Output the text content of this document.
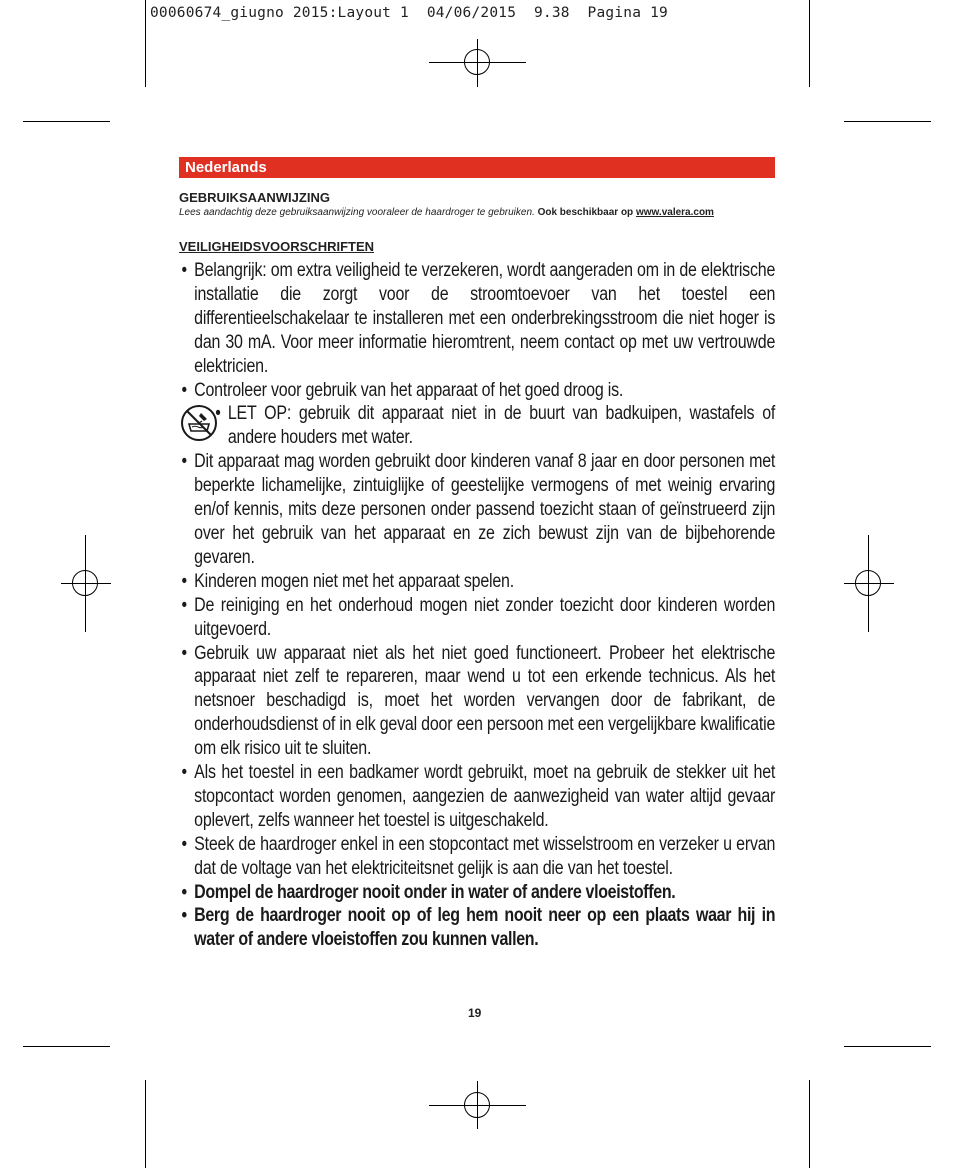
00060674_giugno 2015:Layout 1  04/06/2015  9.38  Pagina 19
Nederlands
GEBRUIKSAANWIJZING
Lees aandachtig deze gebruiksaanwijzing vooraleer de haardroger te gebruiken. Ook beschikbaar op www.valera.com
VEILIGHEIDSVOORSCHRIFTEN
• Belangrijk: om extra veiligheid te verzekeren, wordt aangeraden om in de elektrische installatie die zorgt voor de stroomtoevoer van het toestel een differentieelschakelaar te installeren met een onderbrekingsstroom die niet hoger is dan 30 mA. Voor meer informatie hieromtrent, neem contact op met uw vertrouwde elektricien.
• Controleer voor gebruik van het apparaat of het goed droog is.
• LET OP: gebruik dit apparaat niet in de buurt van badkuipen, wastafels of andere houders met water.
• Dit apparaat mag worden gebruikt door kinderen vanaf 8 jaar en door personen met beperkte lichamelijke, zintuiglijke of geestelijke vermogens of met weinig ervaring en/of kennis, mits deze personen onder passend toezicht staan of geïnstrueerd zijn over het gebruik van het apparaat en ze zich bewust zijn van de bijbehorende gevaren.
• Kinderen mogen niet met het apparaat spelen.
• De reiniging en het onderhoud mogen niet zonder toezicht door kinderen worden uitgevoerd.
• Gebruik uw apparaat niet als het niet goed functioneert. Probeer het elektrische apparaat niet zelf te repareren, maar wend u tot een erkende technicus. Als het netsnoer beschadigd is, moet het worden vervangen door de fabrikant, de onderhoudsdienst of in elk geval door een persoon met een vergelijkbare kwalificatie om elk risico uit te sluiten.
• Als het toestel in een badkamer wordt gebruikt, moet na gebruik de stekker uit het stopcontact worden genomen, aangezien de aanwezigheid van water altijd gevaar oplevert, zelfs wanneer het toestel is uitgeschakeld.
• Steek de haardroger enkel in een stopcontact met wisselstroom en verzeker u ervan dat de voltage van het elektriciteitsnet gelijk is aan die van het toestel.
• Dompel de haardroger nooit onder in water of andere vloeistoffen.
• Berg de haardroger nooit op of leg hem nooit neer op een plaats waar hij in water of andere vloeistoffen zou kunnen vallen.
19
